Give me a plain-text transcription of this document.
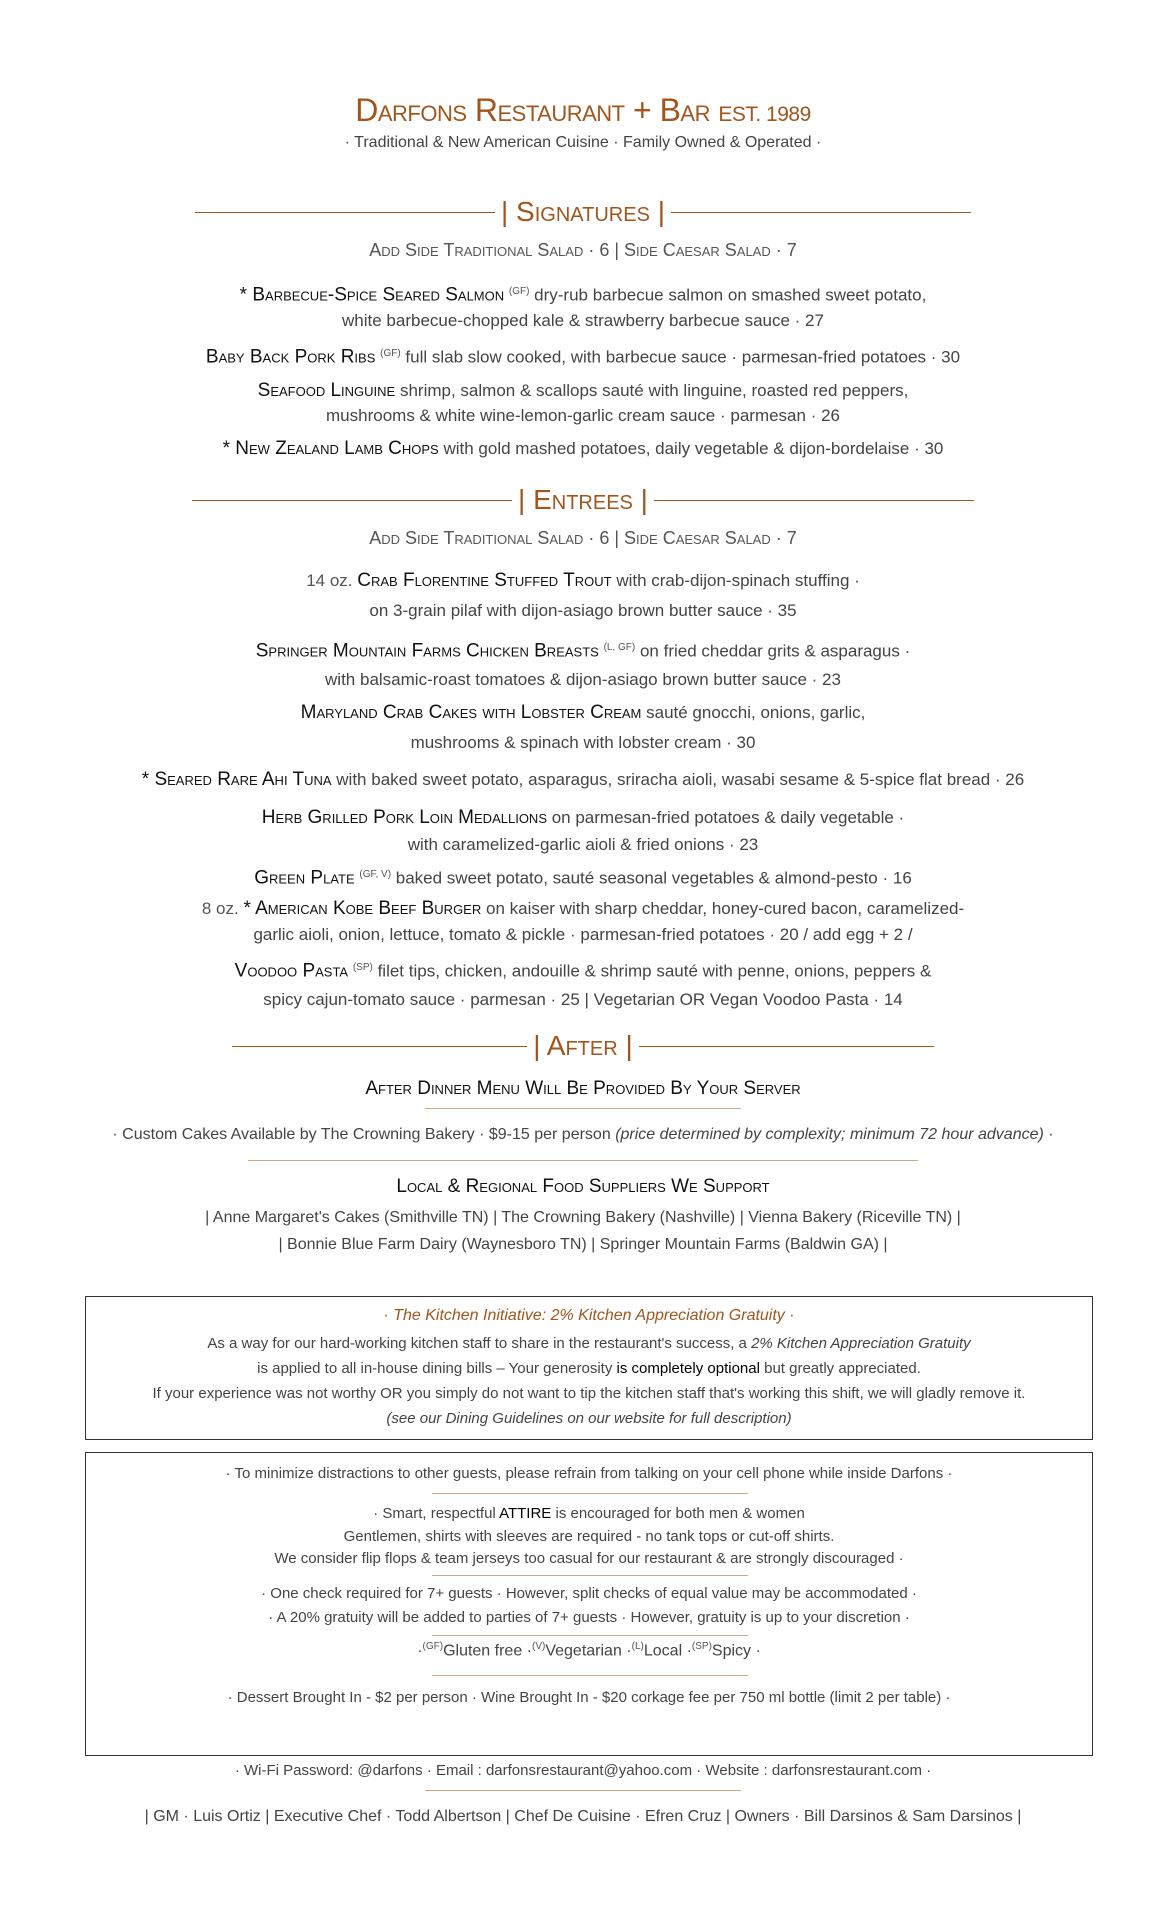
Darfons Restaurant + Bar EST. 1989
· Traditional & New American Cuisine · Family Owned & Operated ·
| Signatures |
Add Side Traditional Salad · 6 | Side Caesar Salad · 7
* Barbecue-Spice Seared Salmon $^{(GF)}$ dry-rub barbecue salmon on smashed sweet potato,
white barbecue-chopped kale & strawberry barbecue sauce · 27
Baby Back Pork Ribs $^{(GF)}$ full slab slow cooked, with barbecue sauce · parmesan-fried potatoes · 30
Seafood Linguine shrimp, salmon & scallops sauté with linguine, roasted red peppers,
mushrooms & white wine-lemon-garlic cream sauce · parmesan · 26
* New Zealand Lamb Chops with gold mashed potatoes, daily vegetable & dijon-bordelaise · 30
| Entrees |
Add Side Traditional Salad · 6 | Side Caesar Salad · 7
14 oz. Crab Florentine Stuffed Trout with crab-dijon-spinach stuffing ·
on 3-grain pilaf with dijon-asiago brown butter sauce · 35
Springer Mountain Farms Chicken Breasts $^{(L, GF)}$ on fried cheddar grits & asparagus ·
with balsamic-roast tomatoes & dijon-asiago brown butter sauce · 23
Maryland Crab Cakes with Lobster Cream sauté gnocchi, onions, garlic,
mushrooms & spinach with lobster cream · 30
* Seared Rare Ahi Tuna with baked sweet potato, asparagus, sriracha aioli, wasabi sesame & 5-spice flat bread · 26
Herb Grilled Pork Loin Medallions on parmesan-fried potatoes & daily vegetable ·
with caramelized-garlic aioli & fried onions · 23
Green Plate $^{(GF, V)}$ baked sweet potato, sauté seasonal vegetables & almond-pesto · 16
8 oz. * American Kobe Beef Burger on kaiser with sharp cheddar, honey-cured bacon, caramelized-
garlic aioli, onion, lettuce, tomato & pickle · parmesan-fried potatoes · 20 / add egg + 2 /
Voodoo Pasta $^{(SP)}$ filet tips, chicken, andouille & shrimp sauté with penne, onions, peppers &
spicy cajun-tomato sauce · parmesan · 25 | Vegetarian OR Vegan Voodoo Pasta · 14
| After |
After Dinner Menu Will Be Provided By Your Server
· Custom Cakes Available by The Crowning Bakery · $9-15 per person (price determined by complexity; minimum 72 hour advance) ·
Local & Regional Food Suppliers We Support
| Anne Margaret's Cakes (Smithville TN) | The Crowning Bakery (Nashville) | Vienna Bakery (Riceville TN) |
| Bonnie Blue Farm Dairy (Waynesboro TN) | Springer Mountain Farms (Baldwin GA) |
· The Kitchen Initiative: 2% Kitchen Appreciation Gratuity ·
As a way for our hard-working kitchen staff to share in the restaurant's success, a 2% Kitchen Appreciation Gratuity
is applied to all in-house dining bills – Your generosity is completely optional but greatly appreciated.
If your experience was not worthy OR you simply do not want to tip the kitchen staff that's working this shift, we will gladly remove it.
(see our Dining Guidelines on our website for full description)
· To minimize distractions to other guests, please refrain from talking on your cell phone while inside Darfons ·
· Smart, respectful ATTIRE is encouraged for both men & women
Gentlemen, shirts with sleeves are required - no tank tops or cut-off shirts.
We consider flip flops & team jerseys too casual for our restaurant & are strongly discouraged ·
· One check required for 7+ guests · However, split checks of equal value may be accommodated ·
· A 20% gratuity will be added to parties of 7+ guests · However, gratuity is up to your discretion ·
·$^{(GF)}$Gluten free ·$^{(V)}$Vegetarian ·$^{(L)}$Local ·$^{(SP)}$Spicy ·
· Dessert Brought In - $2 per person · Wine Brought In - $20 corkage fee per 750 ml bottle (limit 2 per table) ·
· Wi-Fi Password: @darfons · Email : darfonsrestaurant@yahoo.com · Website : darfonsrestaurant.com ·
| GM · Luis Ortiz | Executive Chef · Todd Albertson | Chef De Cuisine · Efren Cruz | Owners · Bill Darsinos & Sam Darsinos |
